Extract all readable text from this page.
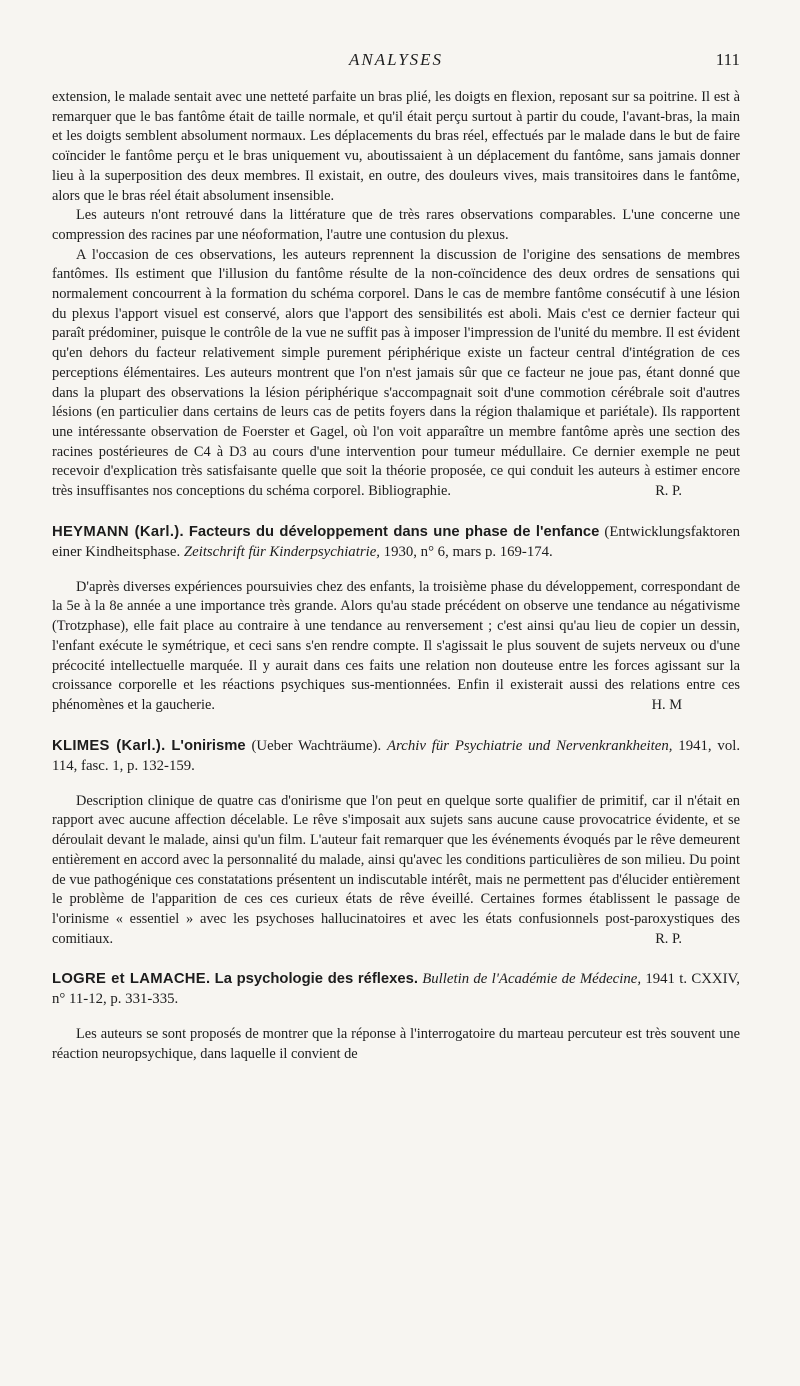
ANALYSES	111

extension, le malade sentait avec une netteté parfaite un bras plié, les doigts en flexion, reposant sur sa poitrine. Il est à remarquer que le bas fantôme était de taille normale, et qu'il était perçu surtout à partir du coude, l'avant-bras, la main et les doigts semblent absolument normaux. Les déplacements du bras réel, effectués par le malade dans le but de faire coïncider le fantôme perçu et le bras uniquement vu, aboutissaient à un déplacement du fantôme, sans jamais donner lieu à la superposition des deux membres. Il existait, en outre, des douleurs vives, mais transitoires dans le fantôme, alors que le bras réel était absolument insensible.

Les auteurs n'ont retrouvé dans la littérature que de très rares observations comparables. L'une concerne une compression des racines par une néoformation, l'autre une contusion du plexus.

A l'occasion de ces observations, les auteurs reprennent la discussion de l'origine des sensations de membres fantômes. Ils estiment que l'illusion du fantôme résulte de la non-coïncidence des deux ordres de sensations qui normalement concourrent à la formation du schéma corporel. Dans le cas de membre fantôme consécutif à une lésion du plexus l'apport visuel est conservé, alors que l'apport des sensibilités est aboli. Mais c'est ce dernier facteur qui paraît prédominer, puisque le contrôle de la vue ne suffit pas à imposer l'impression de l'unité du membre. Il est évident qu'en dehors du facteur relativement simple purement périphérique existe un facteur central d'intégration de ces perceptions élémentaires. Les auteurs montrent que l'on n'est jamais sûr que ce facteur ne joue pas, étant donné que dans la plupart des observations la lésion périphérique s'accompagnait soit d'une commotion cérébrale soit d'autres lésions (en particulier dans certains de leurs cas de petits foyers dans la région thalamique et pariétale). Ils rapportent une intéressante observation de Foerster et Gagel, où l'on voit apparaître un membre fantôme après une section des racines postérieures de C4 à D3 au cours d'une intervention pour tumeur médullaire. Ce dernier exemple ne peut recevoir d'explication très satisfaisante quelle que soit la théorie proposée, ce qui conduit les auteurs à estimer encore très insuffisantes nos conceptions du schéma corporel. Bibliographie.	R. P.

HEYMANN (Karl.). Facteurs du développement dans une phase de l'enfance (Entwicklungsfaktoren einer Kindheitsphase. Zeitschrift für Kinderpsychiatrie, 1930, n° 6, mars p. 169-174.

D'après diverses expériences poursuivies chez des enfants, la troisième phase du développement, correspondant de la 5e à la 8e année a une importance très grande. Alors qu'au stade précédent on observe une tendance au négativisme (Trotzphase), elle fait place au contraire à une tendance au renversement ; c'est ainsi qu'au lieu de copier un dessin, l'enfant exécute le symétrique, et ceci sans s'en rendre compte. Il s'agissait le plus souvent de sujets nerveux ou d'une précocité intellectuelle marquée. Il y aurait dans ces faits une relation non douteuse entre les forces agissant sur la croissance corporelle et les réactions psychiques sus-mentionnées. Enfin il existerait aussi des relations entre ces phénomènes et la gaucherie.	H. M

KLIMES (Karl.). L'onirisme (Ueber Wachträume). Archiv für Psychiatrie und Nervenkrankheiten, 1941, vol. 114, fasc. 1, p. 132-159.

Description clinique de quatre cas d'onirisme que l'on peut en quelque sorte qualifier de primitif, car il n'était en rapport avec aucune affection décelable. Le rêve s'imposait aux sujets sans aucune cause provocatrice évidente, et se déroulait devant le malade, ainsi qu'un film. L'auteur fait remarquer que les événements évoqués par le rêve demeurent entièrement en accord avec la personnalité du malade, ainsi qu'avec les conditions particulières de son milieu. Du point de vue pathogénique ces constatations présentent un indiscutable intérêt, mais ne permettent pas d'élucider entièrement le problème de l'apparition de ces ces curieux états de rêve éveillé. Certaines formes établissent le passage de l'orinisme « essentiel » avec les psychoses hallucinatoires et avec les états confusionnels post-paroxystiques des comitiaux.	R. P.

LOGRE et LAMACHE. La psychologie des réflexes. Bulletin de l'Académie de Médecine, 1941 t. CXXIV, n° 11-12, p. 331-335.

Les auteurs se sont proposés de montrer que la réponse à l'interrogatoire du marteau percuteur est très souvent une réaction neuropsychique, dans laquelle il convient de
